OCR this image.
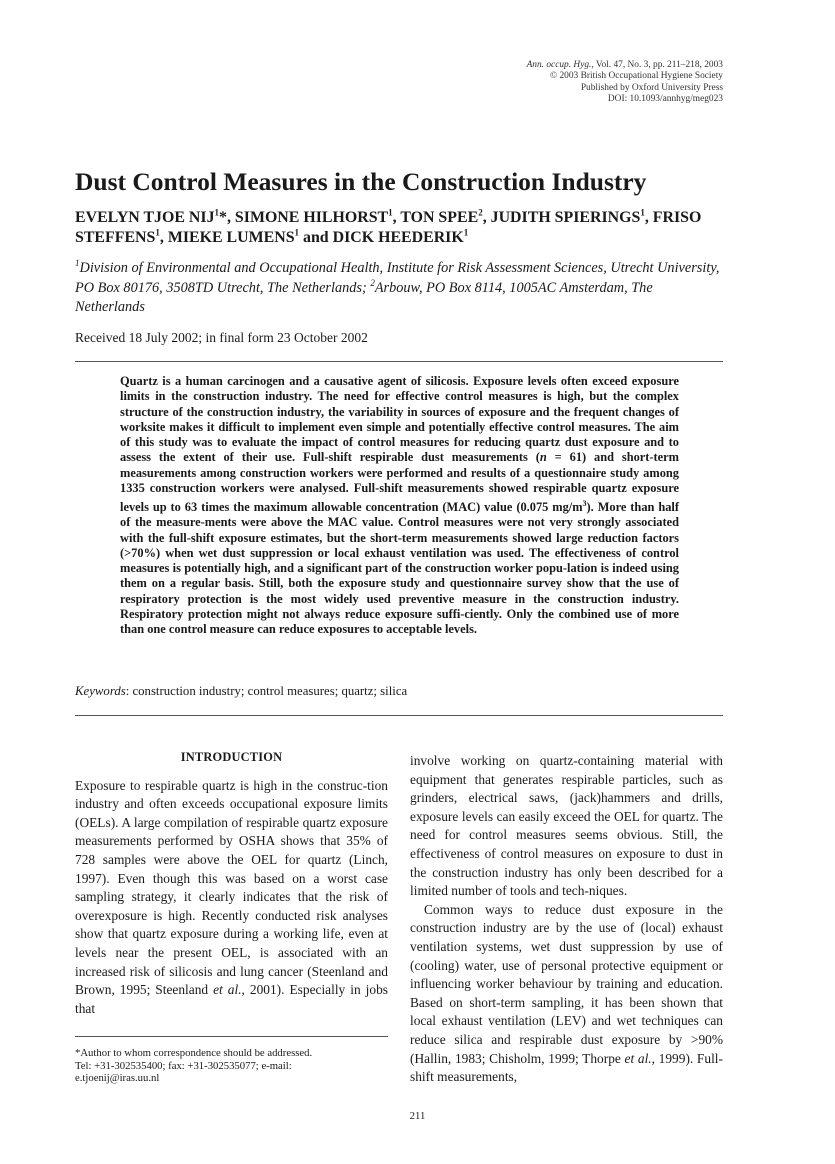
Ann. occup. Hyg., Vol. 47, No. 3, pp. 211–218, 2003
© 2003 British Occupational Hygiene Society
Published by Oxford University Press
DOI: 10.1093/annhyg/meg023
Dust Control Measures in the Construction Industry
EVELYN TJOE NIJ$^1$*, SIMONE HILHORST$^1$, TON SPEE$^2$, JUDITH SPIERINGS$^1$, FRISO STEFFENS$^1$, MIEKE LUMENS$^1$ and DICK HEEDERIK$^1$
$^1$Division of Environmental and Occupational Health, Institute for Risk Assessment Sciences, Utrecht University, PO Box 80176, 3508TD Utrecht, The Netherlands; $^2$Arbouw, PO Box 8114, 1005AC Amsterdam, The Netherlands
Received 18 July 2002; in final form 23 October 2002
Quartz is a human carcinogen and a causative agent of silicosis. Exposure levels often exceed exposure limits in the construction industry. The need for effective control measures is high, but the complex structure of the construction industry, the variability in sources of exposure and the frequent changes of worksite makes it difficult to implement even simple and potentially effective control measures. The aim of this study was to evaluate the impact of control measures for reducing quartz dust exposure and to assess the extent of their use. Full-shift respirable dust measurements (n = 61) and short-term measurements among construction workers were performed and results of a questionnaire study among 1335 construction workers were analysed. Full-shift measurements showed respirable quartz exposure levels up to 63 times the maximum allowable concentration (MAC) value (0.075 $mg/m^3$). More than half of the measure-ments were above the MAC value. Control measures were not very strongly associated with the full-shift exposure estimates, but the short-term measurements showed large reduction factors (>70%) when wet dust suppression or local exhaust ventilation was used. The effectiveness of control measures is potentially high, and a significant part of the construction worker popu-lation is indeed using them on a regular basis. Still, both the exposure study and questionnaire survey show that the use of respiratory protection is the most widely used preventive measure in the construction industry. Respiratory protection might not always reduce exposure suffi-ciently. Only the combined use of more than one control measure can reduce exposures to acceptable levels.
Keywords: construction industry; control measures; quartz; silica

INTRODUCTION

Exposure to respirable quartz is high in the construc-tion industry and often exceeds occupational exposure limits (OELs). A large compilation of respirable quartz exposure measurements performed by OSHA shows that 35% of 728 samples were above the OEL for quartz (Linch, 1997). Even though this was based on a worst case sampling strategy, it clearly indicates that the risk of overexposure is high. Recently conducted risk analyses show that quartz exposure during a working life, even at levels near the present OEL, is associated with an increased risk of silicosis and lung cancer (Steenland and Brown, 1995; Steenland et al., 2001). Especially in jobs that

involve working on quartz-containing material with equipment that generates respirable particles, such as grinders, electrical saws, (jack)hammers and drills, exposure levels can easily exceed the OEL for quartz. The need for control measures seems obvious. Still, the effectiveness of control measures on exposure to dust in the construction industry has only been described for a limited number of tools and tech-niques.

Common ways to reduce dust exposure in the construction industry are by the use of (local) exhaust ventilation systems, wet dust suppression by use of (cooling) water, use of personal protective equipment or influencing worker behaviour by training and education. Based on short-term sampling, it has been shown that local exhaust ventilation (LEV) and wet techniques can reduce silica and respirable dust exposure by >90% (Hallin, 1983; Chisholm, 1999; Thorpe et al., 1999). Full-shift measurements,

*Author to whom correspondence should be addressed.
Tel: +31-302535400; fax: +31-302535077; e-mail:
e.tjoenij@iras.uu.nl
211
